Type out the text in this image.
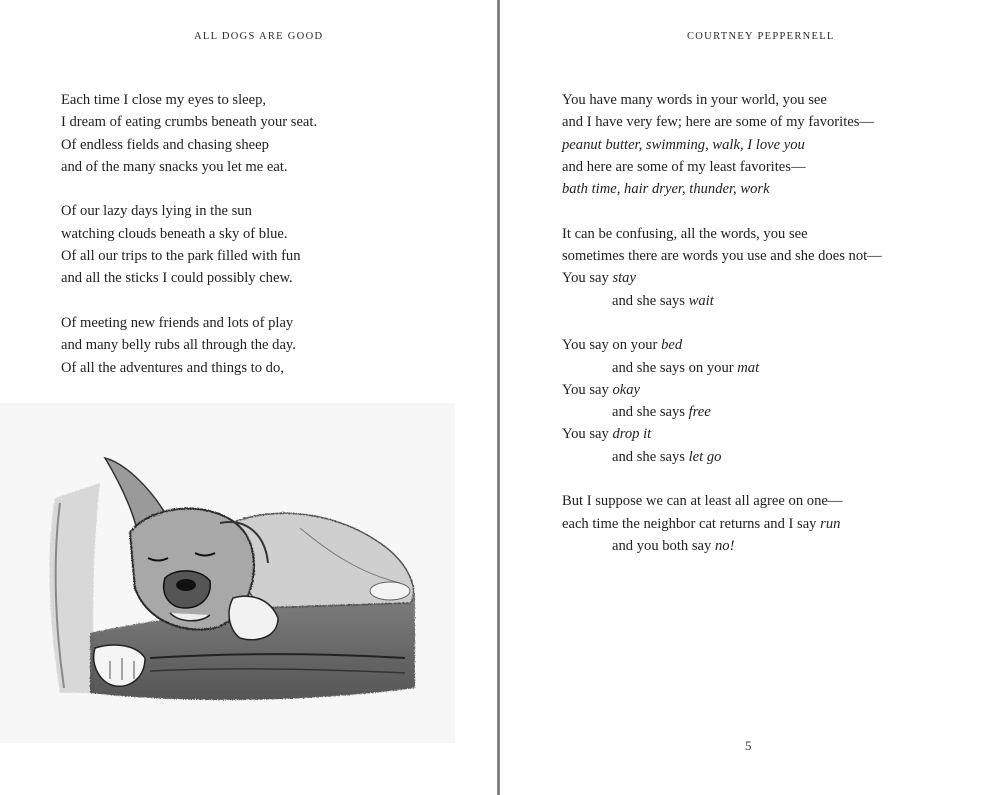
ALL DOGS ARE GOOD
Each time I close my eyes to sleep,
I dream of eating crumbs beneath your seat.
Of endless fields and chasing sheep
and of the many snacks you let me eat.
Of our lazy days lying in the sun
watching clouds beneath a sky of blue.
Of all our trips to the park filled with fun
and all the sticks I could possibly chew.
Of meeting new friends and lots of play
and many belly rubs all through the day.
Of all the adventures and things to do,
COURTNEY PEPPERNELL
You have many words in your world, you see
and I have very few; here are some of my favorites—
peanut butter, swimming, walk, I love you
and here are some of my least favorites—
bath time, hair dryer, thunder, work
It can be confusing, all the words, you see
sometimes there are words you use and she does not—
You say stay
and she says wait
You say on your bed
and she says on your mat
You say okay
and she says free
You say drop it
and she says let go
But I suppose we can at least all agree on one—
each time the neighbor cat returns and I say run
and you both say no!
5
